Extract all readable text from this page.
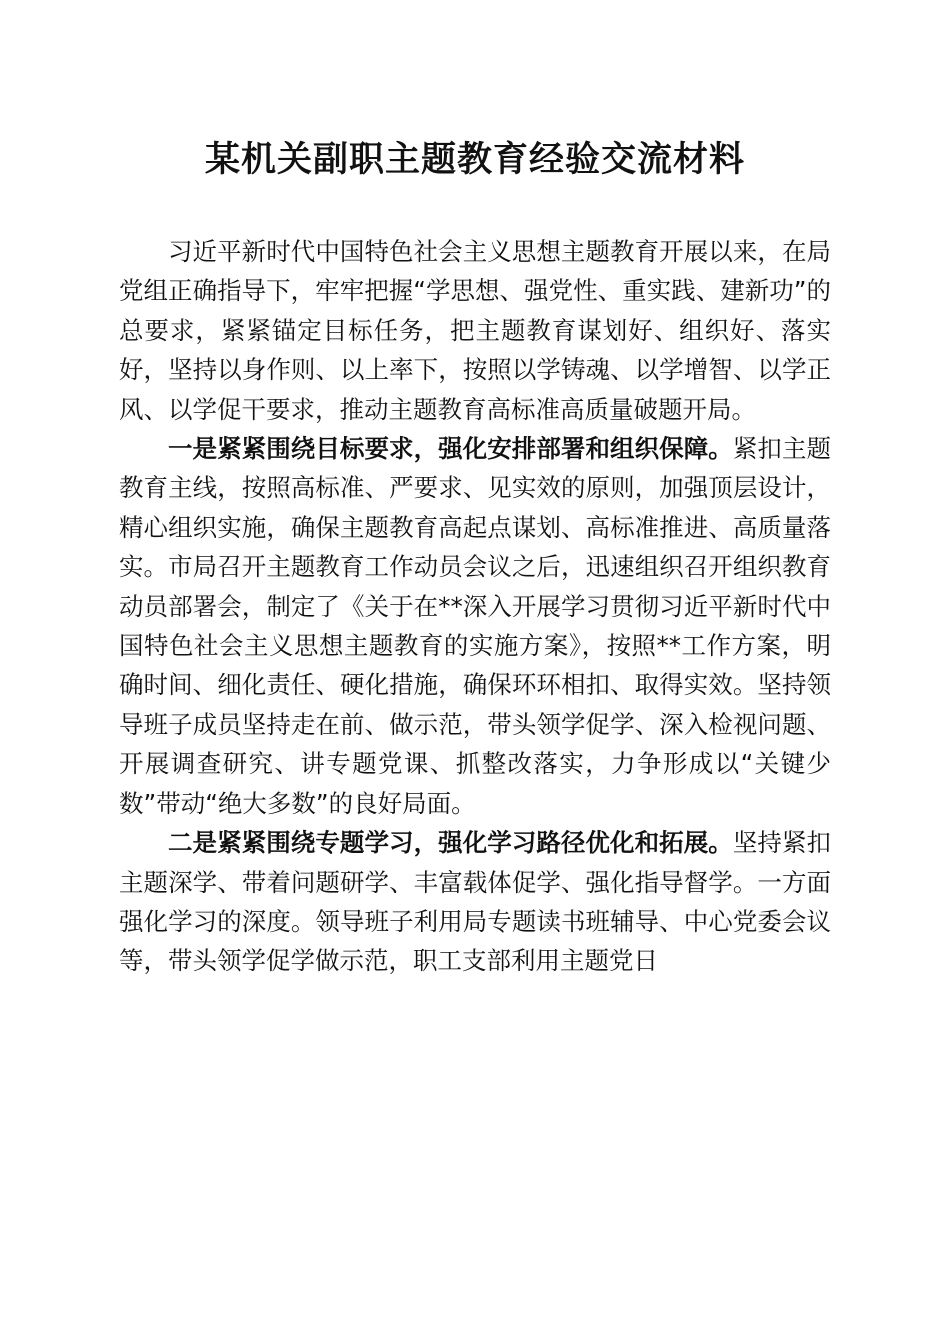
某机关副职主题教育经验交流材料

习近平新时代中国特色社会主义思想主题教育开展以来，在局党组正确指导下，牢牢把握“学思想、强党性、重实践、建新功”的总要求，紧紧锚定目标任务，把主题教育谋划好、组织好、落实好，坚持以身作则、以上率下，按照以学铸魂、以学增智、以学正风、以学促干要求，推动主题教育高标准高质量破题开局。

一是紧紧围绕目标要求，强化安排部署和组织保障。紧扣主题教育主线，按照高标准、严要求、见实效的原则，加强顶层设计，精心组织实施，确保主题教育高起点谋划、高标准推进、高质量落实。市局召开主题教育工作动员会议之后，迅速组织召开组织教育动员部署会，制定了《关于在**深入开展学习贯彻习近平新时代中国特色社会主义思想主题教育的实施方案》，按照**工作方案，明确时间、细化责任、硬化措施，确保环环相扣、取得实效。坚持领导班子成员坚持走在前、做示范，带头领学促学、深入检视问题、开展调查研究、讲专题党课、抓整改落实，力争形成以“关键少数”带动“绝大多数”的良好局面。

二是紧紧围绕专题学习，强化学习路径优化和拓展。坚持紧扣主题深学、带着问题研学、丰富载体促学、强化指导督学。一方面强化学习的深度。领导班子利用局专题读书班辅导、中心党委会议等，带头领学促学做示范，职工支部利用主题党日
